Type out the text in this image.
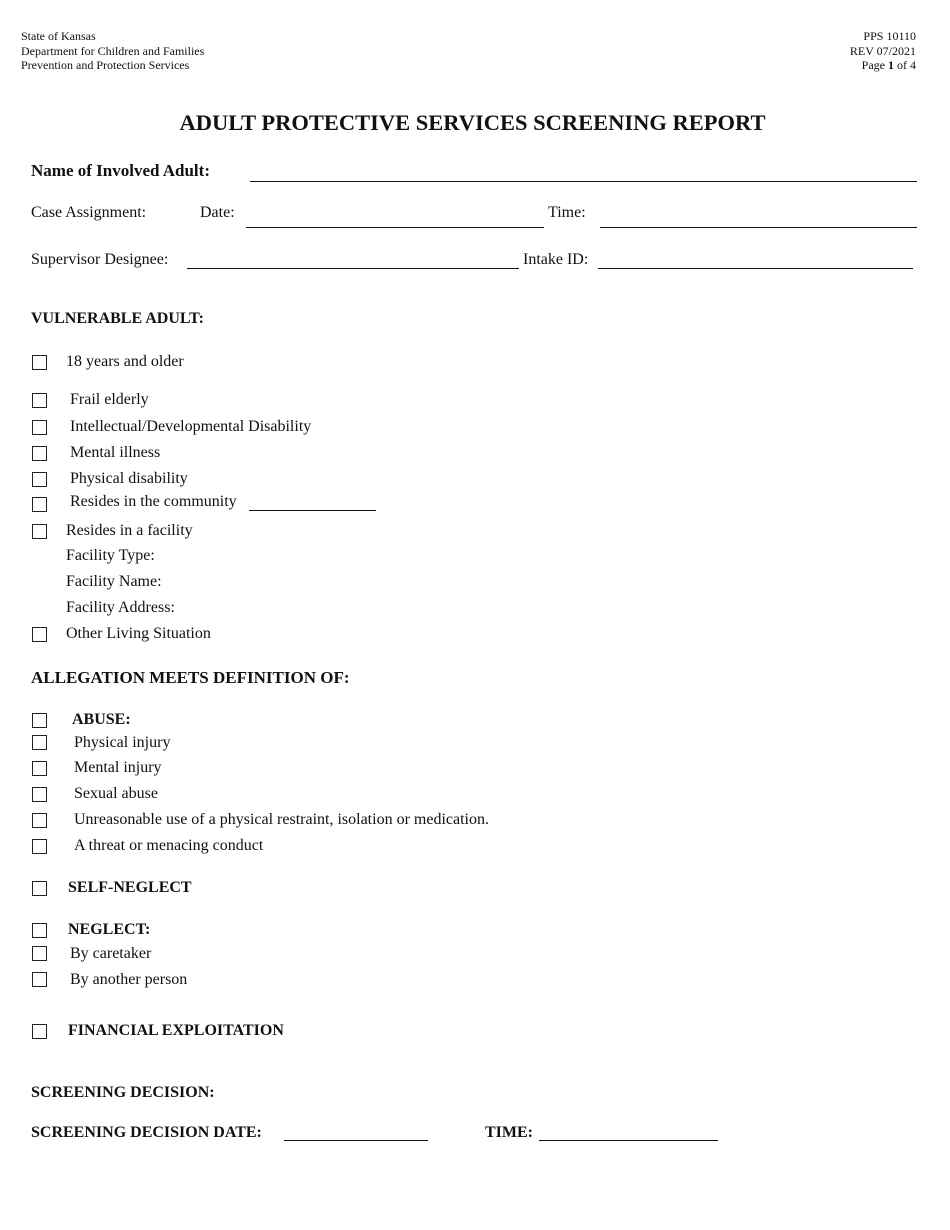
State of Kansas
Department for Children and Families
Prevention and Protection Services
PPS 10110
REV 07/2021
Page 1 of 4
ADULT PROTECTIVE SERVICES SCREENING REPORT
Name of Involved Adult:
Case Assignment:	Date:	Time:
Supervisor Designee:	Intake ID:
VULNERABLE ADULT:
18 years and older
Frail elderly
Intellectual/Developmental Disability
Mental illness
Physical disability
Resides in the community
Resides in a facility
Facility Type:
Facility Name:
Facility Address:
Other Living Situation
ALLEGATION MEETS DEFINITION OF:
ABUSE:
Physical injury
Mental injury
Sexual abuse
Unreasonable use of a physical restraint, isolation or medication.
A threat or menacing conduct
SELF-NEGLECT
NEGLECT:
By caretaker
By another person
FINANCIAL EXPLOITATION
SCREENING DECISION:
SCREENING DECISION DATE:	TIME:
